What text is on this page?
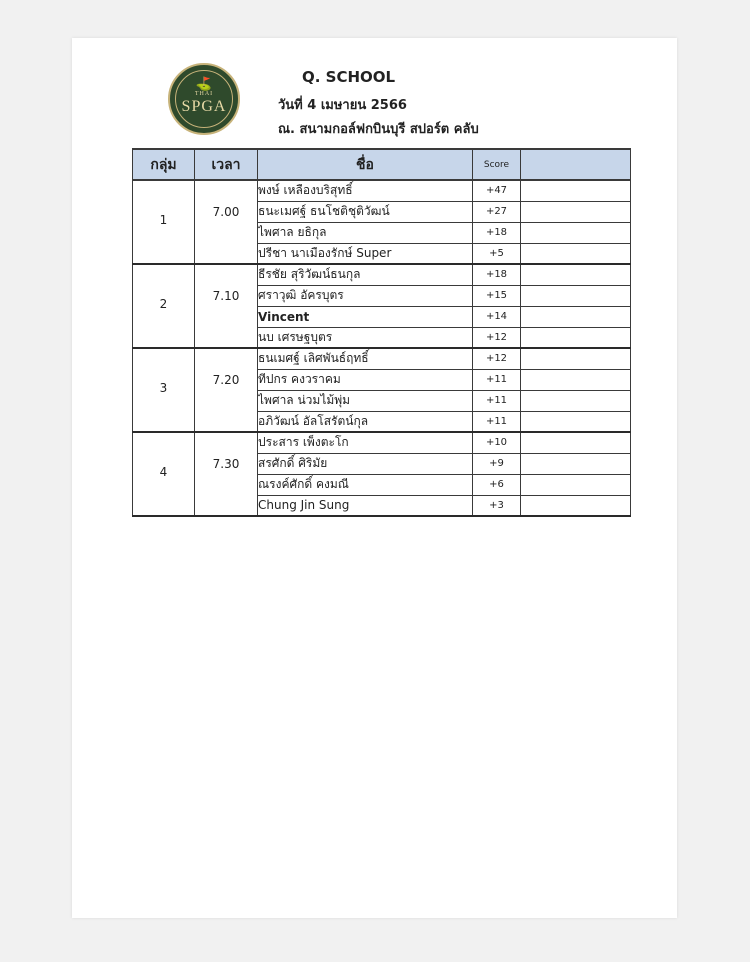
⛳
THAI
SPGA
Q. SCHOOL
วันที่ 4 เมษายน 2566
ณ. สนามกอล์ฟกบินบุรี สปอร์ต คลับ
กลุ่ม	เวลา	ชื่อ	Score	
1	7.00	พงษ์ เหลืองบริสุทธิ์	+47	
		ธนะเมศฐ์ ธนโชติชุติวัฒน์	+27	
		ไพศาล ยธิกุล	+18	
		ปรีชา นาเมืองรักษ์ Super	+5	
2	7.10	ธีรชัย สุริวัฒน์ธนกุล	+18	
		ศราวุฒิ อัครบุตร	+15	
		Vincent	+14	
		นบ เศรษฐบุตร	+12	
3	7.20	ธนเมศฐ์ เลิศพันธ์ฤทธิ์	+12	
		ทีปกร คงวราคม	+11	
		ไพศาล น่วมไม้พุ่ม	+11	
		อภิวัฒน์ อัลโสรัตน์กุล	+11	
4	7.30	ประสาร เพ็งตะโก	+10	
		สรศักดิ์ ศิริมัย	+9	
		ณรงค์ศักดิ์ คงมณี	+6	
		Chung Jin Sung	+3	
